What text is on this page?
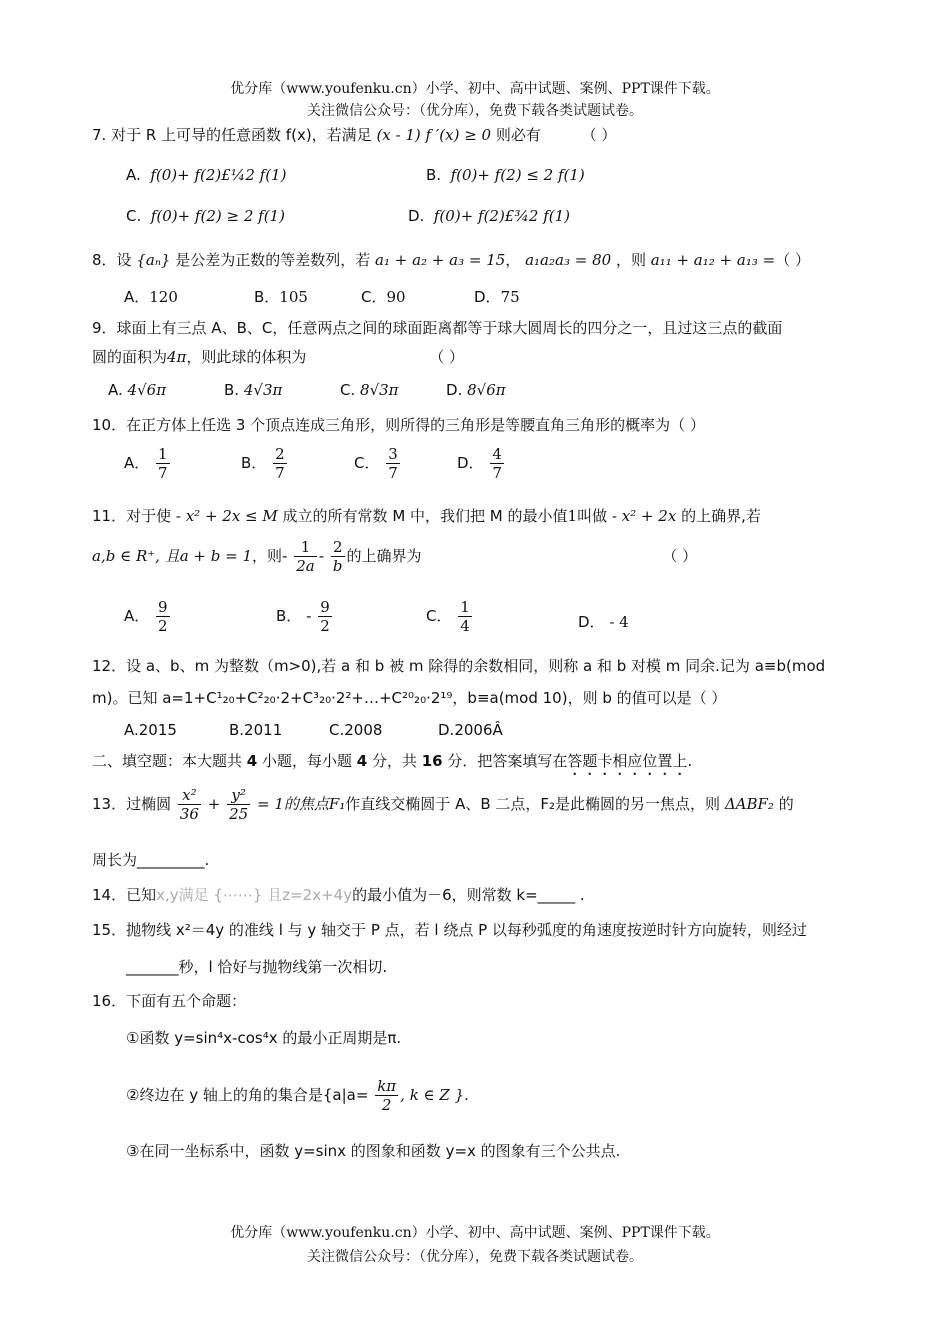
优分库（www.youfenku.cn）小学、初中、高中试题、案例、PPT课件下载。
关注微信公众号：（优分库），免费下载各类试题试卷。
7. 对于 R 上可导的任意函数 f(x)，若满足 (x - 1) f ′(x) ≥ 0 则必有	（ ）
A. f(0)+ f(2)£¼2 f(1)	B. f(0)+ f(2) ≤ 2 f(1)
C. f(0)+ f(2) ≥ 2 f(1)	D. f(0)+ f(2)£¾2 f(1)
8．设 {aₙ} 是公差为正数的等差数列，若 a₁ + a₂ + a₃ = 15， a₁a₂a₃ = 80 ，则 a₁₁ + a₁₂ + a₁₃ =（ ）
A．120	B．105	C．90	D．75
9．球面上有三点 A、B、C，任意两点之间的球面距离都等于球大圆周长的四分之一，且过这三点的截面
圆的面积为4π，则此球的体积为	（ ）
A. 4√6π	B. 4√3π	C. 8√3π	D. 8√6π
10．在正方体上任选 3 个顶点连成三角形，则所得的三角形是等腰直角三角形的概率为（ ）
A． $\frac{1}{7}$	B． $\frac{2}{7}$	C． $\frac{3}{7}$	D． $\frac{4}{7}$
11．对于使 - x² + 2x ≤ M 成立的所有常数 M 中，我们把 M 的最小值1叫做 - x² + 2x 的上确界,若
a,b ∈ R⁺, 且a + b = 1，则- $\frac{1}{2a} - \frac{2}{b}$ 的上确界为	（ ）
A． $\frac{9}{2}$	B． - $\frac{9}{2}$	C． $\frac{1}{4}$	D． - 4
12．设 a、b、m 为整数（m>0),若 a 和 b 被 m 除得的余数相同，则称 a 和 b 对模 m 同余.记为 a≡b(mod
m)。已知 a=1+C¹₂₀+C²₂₀·2+C³₂₀·2²+…+C²⁰₂₀·2¹⁹，b≡a(mod 10)，则 b 的值可以是（ ）
A.2015	B.2011	C.2008	D.2006Â
二、填空题：本大题共 4 小题，每小题 4 分，共 16 分．把答案填写在答题卡相应位置上.
13．过椭圆 $\frac{\text{x²}}{36} + \frac{\text{y²}}{25} = 1$的焦点F₁作直线交椭圆于 A、B 二点，F₂是此椭圆的另一焦点，则 ΔABF₂ 的
周长为_________.
14．已知x,y满足 {⋯⋯} 且z=2x+4y的最小值为－6，则常数 k=_____ .
15．抛物线 x²＝4y 的准线 l 与 y 轴交于 P 点，若 l 绕点 P 以每秒弧度的角速度按逆时针方向旋转，则经过
_______秒，l 恰好与抛物线第一次相切.
16．下面有五个命题：
①函数 y=sin⁴x-cos⁴x 的最小正周期是π.
②终边在 y 轴上的角的集合是{$a|a= \frac{k\pi}{2}$ , k ∈ Z }.
③在同一坐标系中，函数 y=sinx 的图象和函数 y=x 的图象有三个公共点.
优分库（www.youfenku.cn）小学、初中、高中试题、案例、PPT课件下载。
关注微信公众号：（优分库），免费下载各类试题试卷。
